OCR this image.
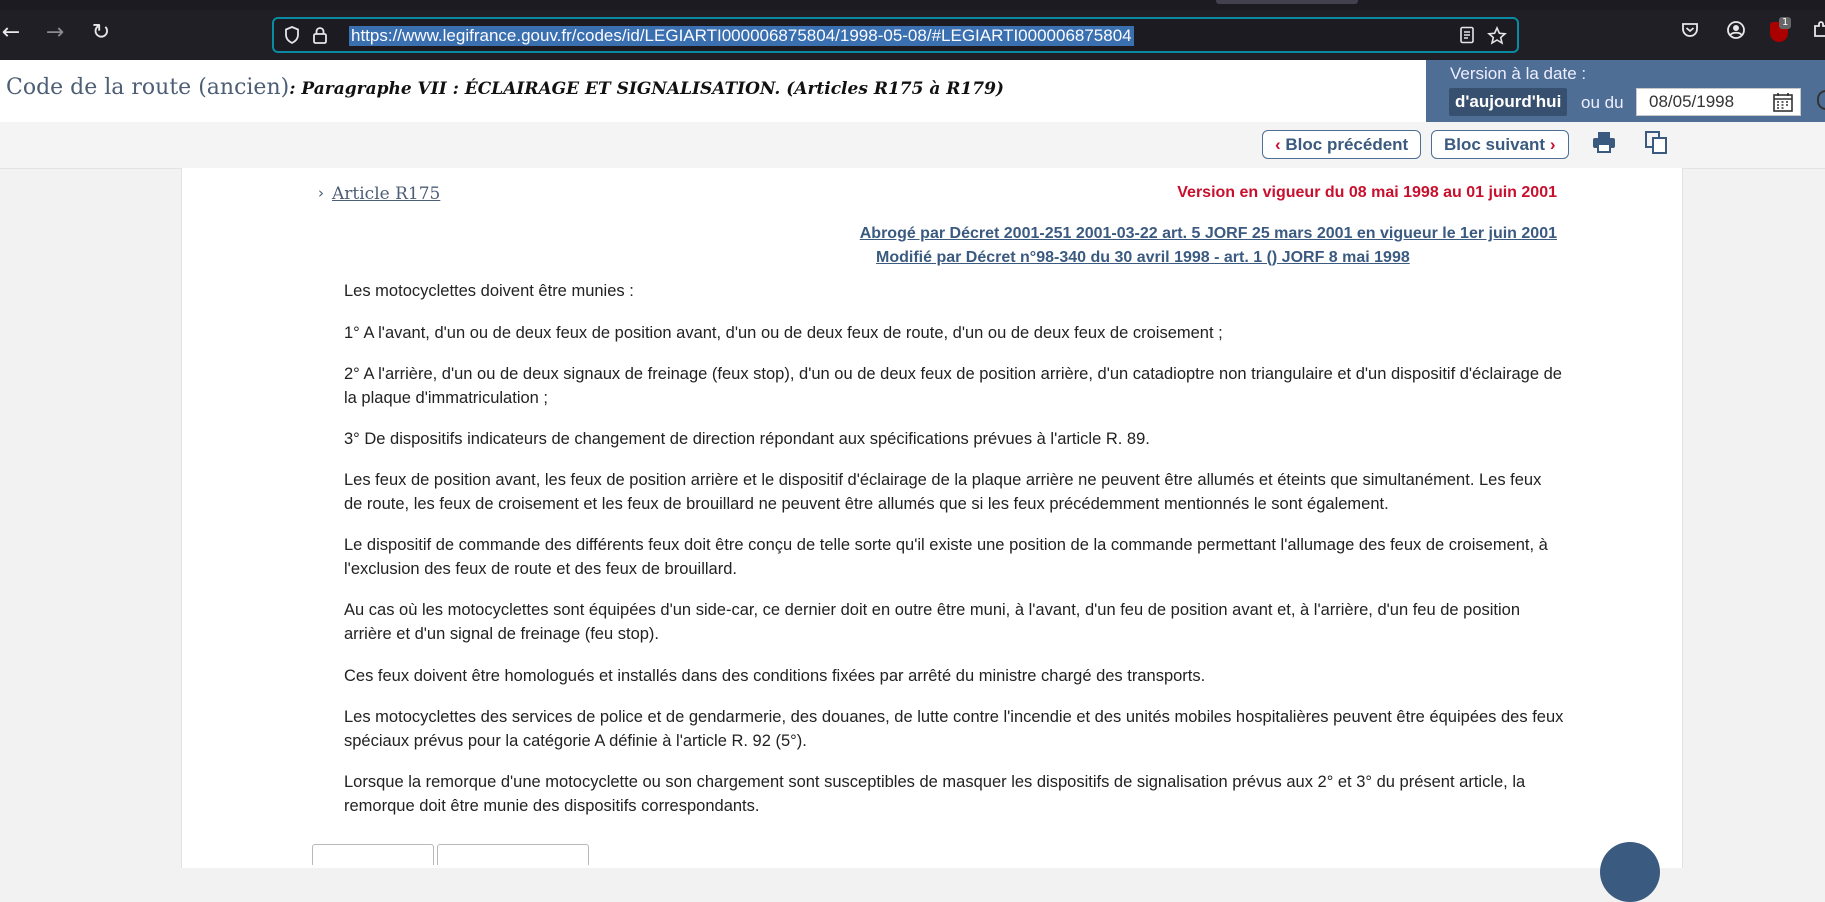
← → ↻	https://www.legifrance.gouv.fr/codes/id/LEGIARTI000006875804/1998-05-08/#LEGIARTI000006875804
1
Code de la route (ancien): Paragraphe VII : ÉCLAIRAGE ET SIGNALISATION. (Articles R175 à R179)
Version à la date :
d'aujourd'hui	ou du 08/05/1998
‹ Bloc précédent	Bloc suivant ›
› Article R175	Version en vigueur du 08 mai 1998 au 01 juin 2001
Abrogé par Décret 2001-251 2001-03-22 art. 5 JORF 25 mars 2001 en vigueur le 1er juin 2001
Modifié par Décret n°98-340 du 30 avril 1998 - art. 1 () JORF 8 mai 1998

Les motocyclettes doivent être munies :

1° A l'avant, d'un ou de deux feux de position avant, d'un ou de deux feux de route, d'un ou de deux feux de croisement ;

2° A l'arrière, d'un ou de deux signaux de freinage (feux stop), d'un ou de deux feux de position arrière, d'un catadioptre non triangulaire et d'un dispositif d'éclairage de la plaque d'immatriculation ;

3° De dispositifs indicateurs de changement de direction répondant aux spécifications prévues à l'article R. 89.

Les feux de position avant, les feux de position arrière et le dispositif d'éclairage de la plaque arrière ne peuvent être allumés et éteints que simultanément. Les feux de route, les feux de croisement et les feux de brouillard ne peuvent être allumés que si les feux précédemment mentionnés le sont également.

Le dispositif de commande des différents feux doit être conçu de telle sorte qu'il existe une position de la commande permettant l'allumage des feux de croisement, à l'exclusion des feux de route et des feux de brouillard.

Au cas où les motocyclettes sont équipées d'un side-car, ce dernier doit en outre être muni, à l'avant, d'un feu de position avant et, à l'arrière, d'un feu de position arrière et d'un signal de freinage (feu stop).

Ces feux doivent être homologués et installés dans des conditions fixées par arrêté du ministre chargé des transports.

Les motocyclettes des services de police et de gendarmerie, des douanes, de lutte contre l'incendie et des unités mobiles hospitalières peuvent être équipées des feux spéciaux prévus pour la catégorie A définie à l'article R. 92 (5°).

Lorsque la remorque d'une motocyclette ou son chargement sont susceptibles de masquer les dispositifs de signalisation prévus aux 2° et 3° du présent article, la remorque doit être munie des dispositifs correspondants.
